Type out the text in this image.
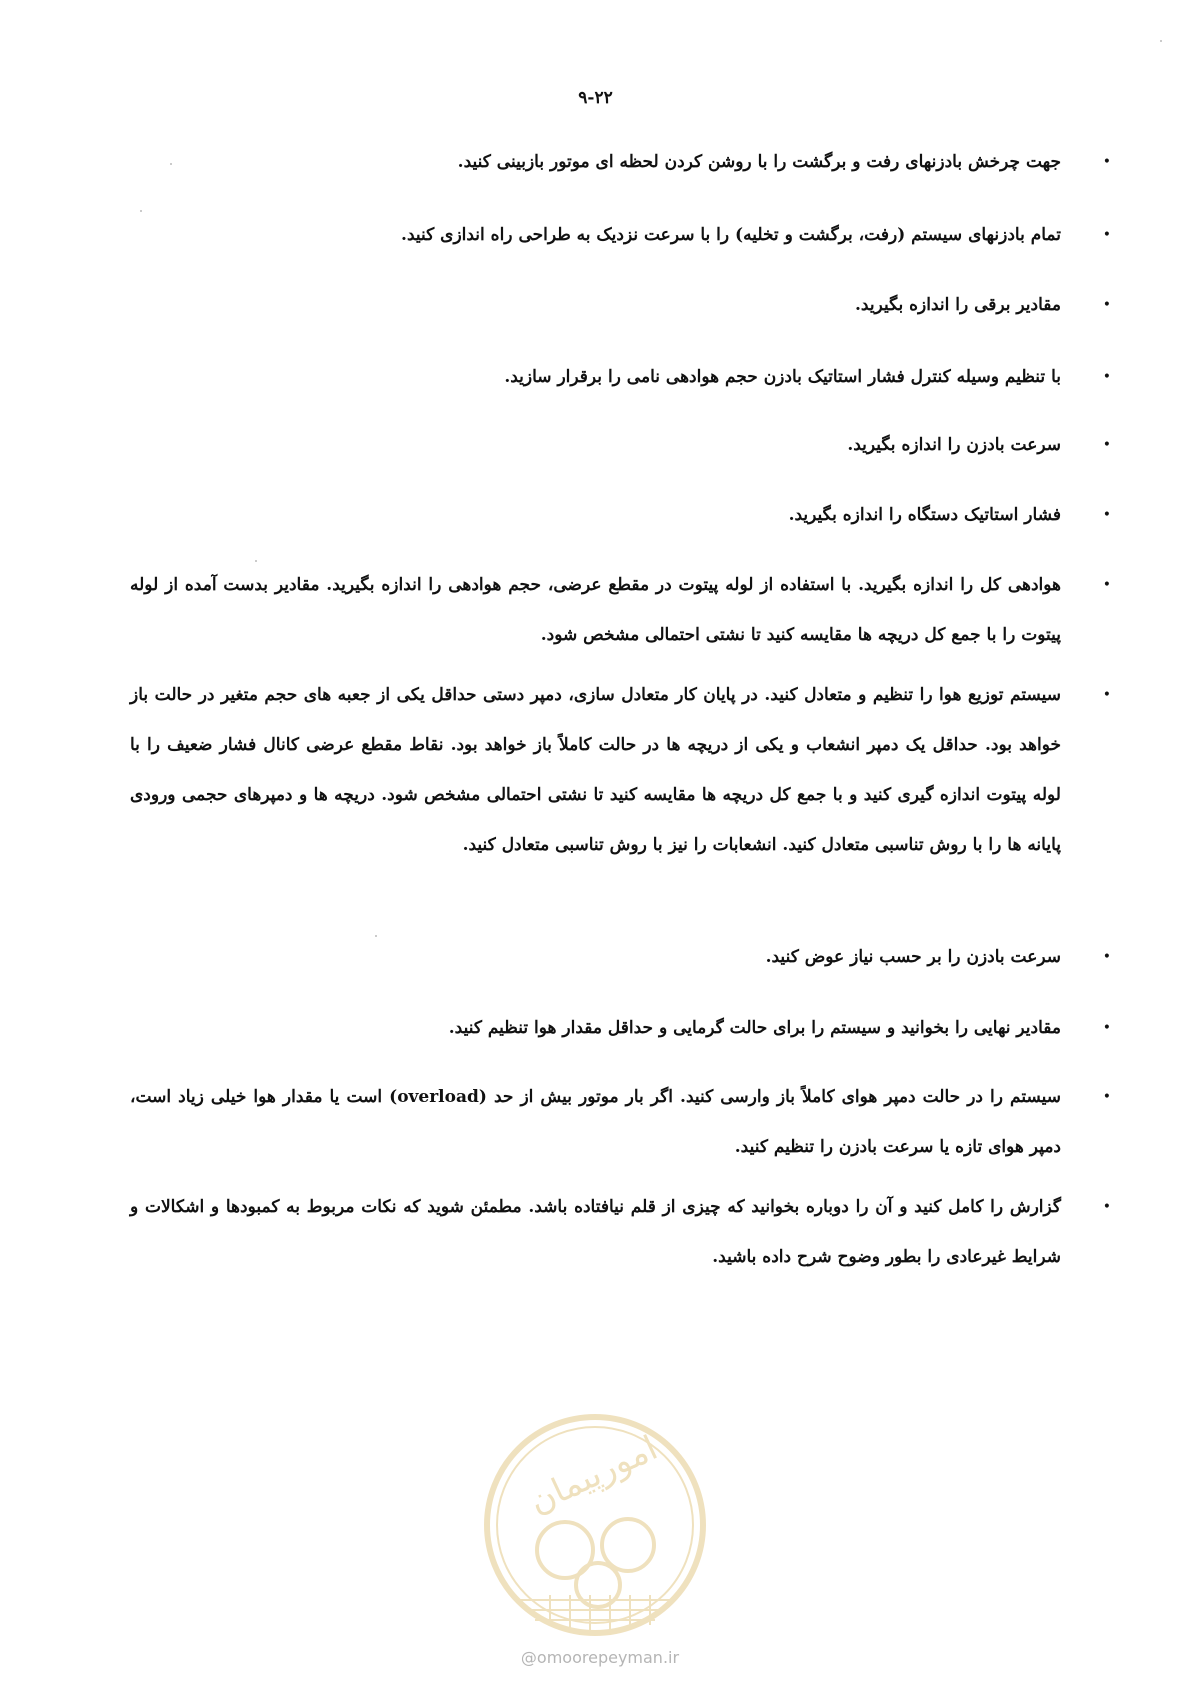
۹-۲۲
•
جهت چرخش بادزنهای رفت و برگشت را با روشن کردن لحظه ای موتور بازبینی کنید.
•
تمام بادزنهای سیستم (رفت، برگشت و تخلیه) را با سرعت نزدیک به طراحی راه اندازی کنید.
•
مقادیر برقی را اندازه بگیرید.
•
با تنظیم وسیله کنترل فشار استاتیک بادزن حجم هوادهی نامی را برقرار سازید.
•
سرعت بادزن را اندازه بگیرید.
•
فشار استاتیک دستگاه را اندازه بگیرید.
•
هوادهی کل را اندازه بگیرید. با استفاده از لوله پیتوت در مقطع عرضی، حجم هوادهی را اندازه بگیرید. مقادیر بدست آمده از لوله پیتوت را با جمع کل دریچه ها مقایسه کنید تا نشتی احتمالی مشخص شود.
•
سیستم توزیع هوا را تنظیم و متعادل کنید. در پایان کار متعادل سازی، دمپر دستی حداقل یکی از جعبه های حجم متغیر در حالت باز خواهد بود. حداقل یک دمپر انشعاب و یکی از دریچه ها در حالت کاملاً باز خواهد بود. نقاط مقطع عرضی کانال فشار ضعیف را با لوله پیتوت اندازه گیری کنید و با جمع کل دریچه ها مقایسه کنید تا نشتی احتمالی مشخص شود. دریچه ها و دمپرهای حجمی ورودی پایانه ها را با روش تناسبی متعادل کنید. انشعابات را نیز با روش تناسبی متعادل کنید.
•
سرعت بادزن را بر حسب نیاز عوض کنید.
•
مقادیر نهایی را بخوانید و سیستم را برای حالت گرمایی و حداقل مقدار هوا تنظیم کنید.
•
سیستم را در حالت دمپر هوای کاملاً باز وارسی کنید. اگر بار موتور بیش از حد (overload) است یا مقدار هوا خیلی زیاد است، دمپر هوای تازه یا سرعت بادزن را تنظیم کنید.
•
گزارش را کامل کنید و آن را دوباره بخوانید که چیزی از قلم نیافتاده باشد. مطمئن شوید که نکات مربوط به کمبودها و اشکالات و شرایط غیرعادی را بطور وضوح شرح داده باشید.
امورپیمان
@omoorepeyman.ir
